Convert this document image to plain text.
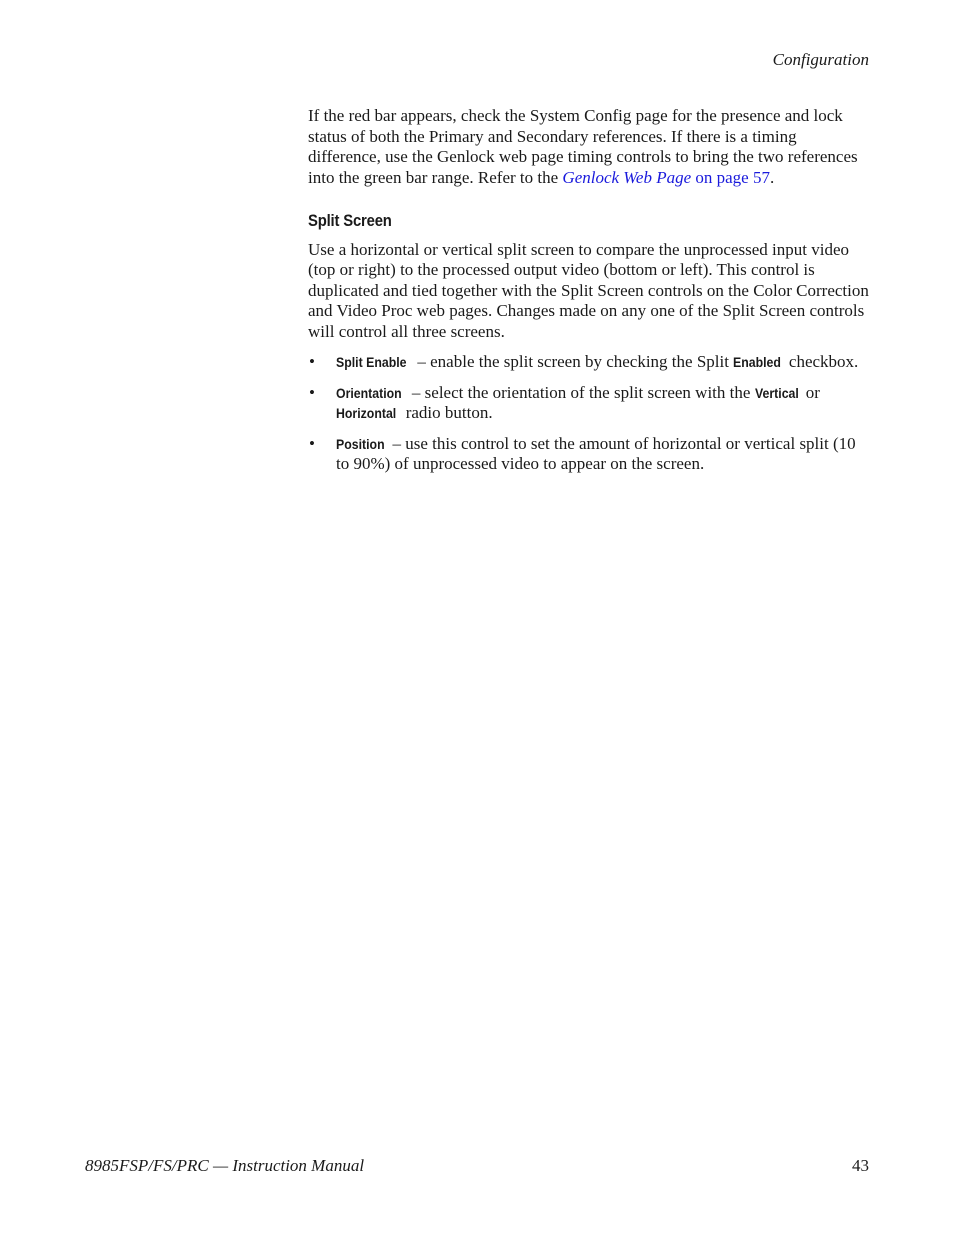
Configuration

If the red bar appears, check the System Config page for the presence and lock status of both the Primary and Secondary references. If there is a timing difference, use the Genlock web page timing controls to bring the two references into the green bar range. Refer to the Genlock Web Page on page 57.

Split Screen

Use a horizontal or vertical split screen to compare the unprocessed input video (top or right) to the processed output video (bottom or left). This control is duplicated and tied together with the Split Screen controls on the Color Correction and Video Proc web pages. Changes made on any one of the Split Screen controls will control all three screens.

• Split Enable – enable the split screen by checking the Split Enabled checkbox.
• Orientation – select the orientation of the split screen with the Vertical or Horizontal radio button.
• Position – use this control to set the amount of horizontal or vertical split (10 to 90%) of unprocessed video to appear on the screen.
8985FSP/FS/PRC — Instruction Manual	43
